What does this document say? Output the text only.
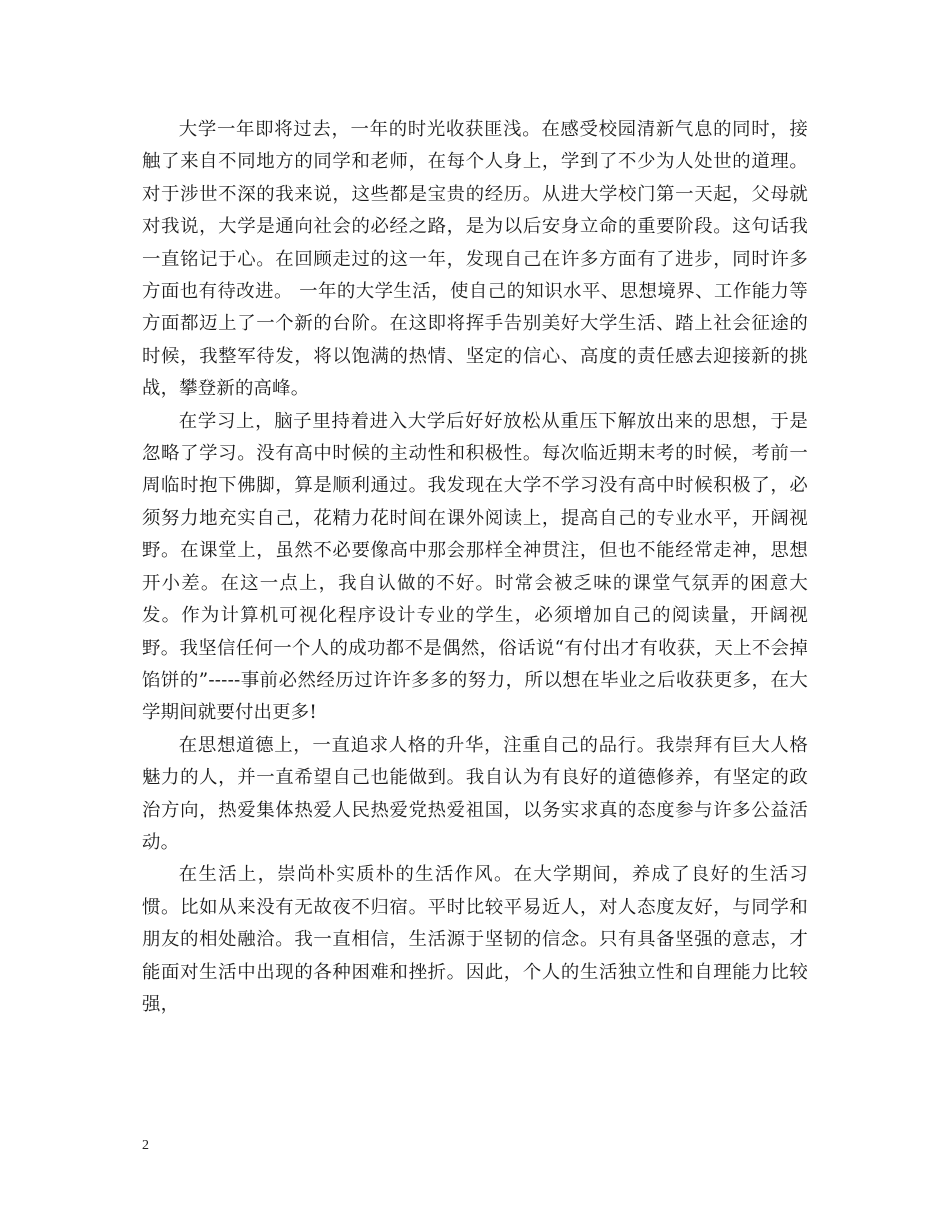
大学一年即将过去，一年的时光收获匪浅。在感受校园清新气息的同时，接触了来自不同地方的同学和老师，在每个人身上，学到了不少为人处世的道理。对于涉世不深的我来说，这些都是宝贵的经历。从进大学校门第一天起，父母就对我说，大学是通向社会的必经之路，是为以后安身立命的重要阶段。这句话我一直铭记于心。在回顾走过的这一年，发现自己在许多方面有了进步，同时许多方面也有待改进。 一年的大学生活，使自己的知识水平、思想境界、工作能力等方面都迈上了一个新的台阶。在这即将挥手告别美好大学生活、踏上社会征途的时候，我整军待发，将以饱满的热情、坚定的信心、高度的责任感去迎接新的挑战，攀登新的高峰。

在学习上，脑子里持着进入大学后好好放松从重压下解放出来的思想，于是忽略了学习。没有高中时候的主动性和积极性。每次临近期末考的时候，考前一周临时抱下佛脚，算是顺利通过。我发现在大学不学习没有高中时候积极了，必须努力地充实自己，花精力花时间在课外阅读上，提高自己的专业水平，开阔视野。在课堂上，虽然不必要像高中那会那样全神贯注，但也不能经常走神，思想开小差。在这一点上，我自认做的不好。时常会被乏味的课堂气氛弄的困意大发。作为计算机可视化程序设计专业的学生，必须增加自己的阅读量，开阔视野。我坚信任何一个人的成功都不是偶然，俗话说“有付出才有收获，天上不会掉馅饼的”-----事前必然经历过许许多多的努力，所以想在毕业之后收获更多，在大学期间就要付出更多!

在思想道德上，一直追求人格的升华，注重自己的品行。我崇拜有巨大人格魅力的人，并一直希望自己也能做到。我自认为有良好的道德修养，有坚定的政治方向，热爱集体热爱人民热爱党热爱祖国，以务实求真的态度参与许多公益活动。

在生活上，崇尚朴实质朴的生活作风。在大学期间，养成了良好的生活习惯。比如从来没有无故夜不归宿。平时比较平易近人，对人态度友好，与同学和朋友的相处融洽。我一直相信，生活源于坚韧的信念。只有具备坚强的意志，才能面对生活中出现的各种困难和挫折。因此，个人的生活独立性和自理能力比较强，

2
